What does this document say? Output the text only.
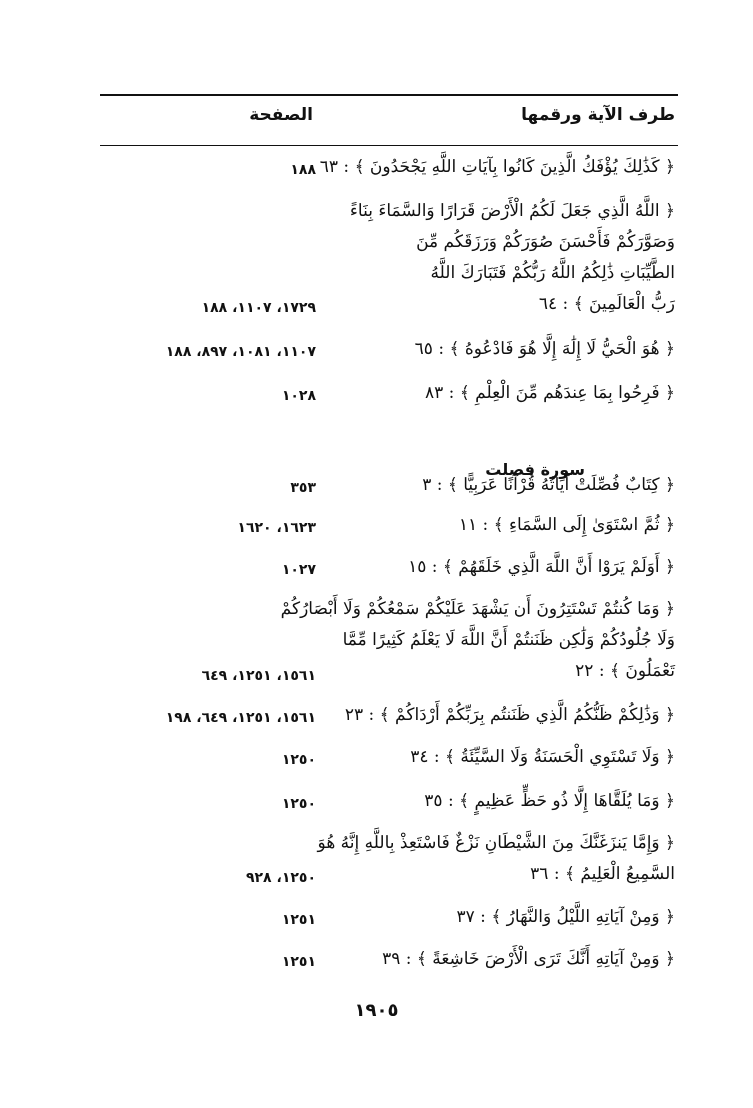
طرف الآية ورقمها
الصفحة
﴿ كَذَٰلِكَ يُؤْفَكُ الَّذِينَ كَانُوا بِآيَاتِ اللَّهِ يَجْحَدُونَ ﴾ : ٦٣
١٨٨
﴿ اللَّهُ الَّذِي جَعَلَ لَكُمُ الْأَرْضَ قَرَارًا وَالسَّمَاءَ بِنَاءً
وَصَوَّرَكُمْ فَأَحْسَنَ صُوَرَكُمْ وَرَزَقَكُم مِّنَ
الطَّيِّبَاتِ ذَٰلِكُمُ اللَّهُ رَبُّكُمْ فَتَبَارَكَ اللَّهُ
رَبُّ الْعَالَمِينَ ﴾ : ٦٤
١٧٢٩، ١١٠٧، ١٨٨
﴿ هُوَ الْحَيُّ لَا إِلَٰهَ إِلَّا هُوَ فَادْعُوهُ ﴾ : ٦٥
١١٠٧، ١٠٨١، ٨٩٧، ١٨٨
﴿ فَرِحُوا بِمَا عِندَهُم مِّنَ الْعِلْمِ ﴾ : ٨٣
١٠٢٨
سورة فصلت
﴿ كِتَابٌ فُصِّلَتْ آيَاتُهُ قُرْآنًا عَرَبِيًّا ﴾ : ٣
٣٥٣
﴿ ثُمَّ اسْتَوَىٰ إِلَى السَّمَاءِ ﴾ : ١١
١٦٢٣، ١٦٢٠
﴿ أَوَلَمْ يَرَوْا أَنَّ اللَّهَ الَّذِي خَلَقَهُمْ ﴾ : ١٥
١٠٢٧
﴿ وَمَا كُنتُمْ تَسْتَتِرُونَ أَن يَشْهَدَ عَلَيْكُمْ سَمْعُكُمْ وَلَا أَبْصَارُكُمْ
وَلَا جُلُودُكُمْ وَلَٰكِن ظَنَنتُمْ أَنَّ اللَّهَ لَا يَعْلَمُ كَثِيرًا مِّمَّا
تَعْمَلُونَ ﴾ : ٢٢
١٥٦١، ١٢٥١، ٦٤٩
﴿ وَذَٰلِكُمْ ظَنُّكُمُ الَّذِي ظَنَنتُم بِرَبِّكُمْ أَرْدَاكُمْ ﴾ : ٢٣
١٥٦١، ١٢٥١، ٦٤٩، ١٩٨
﴿ وَلَا تَسْتَوِي الْحَسَنَةُ وَلَا السَّيِّئَةُ ﴾ : ٣٤
١٢٥٠
﴿ وَمَا يُلَقَّاهَا إِلَّا ذُو حَظٍّ عَظِيمٍ ﴾ : ٣٥
١٢٥٠
﴿ وَإِمَّا يَنزَغَنَّكَ مِنَ الشَّيْطَانِ نَزْغٌ فَاسْتَعِذْ بِاللَّهِ إِنَّهُ هُوَ
السَّمِيعُ الْعَلِيمُ ﴾ : ٣٦
١٢٥٠، ٩٢٨
﴿ وَمِنْ آيَاتِهِ اللَّيْلُ وَالنَّهَارُ ﴾ : ٣٧
١٢٥١
﴿ وَمِنْ آيَاتِهِ أَنَّكَ تَرَى الْأَرْضَ خَاشِعَةً ﴾ : ٣٩
١٢٥١
١٩٠٥
